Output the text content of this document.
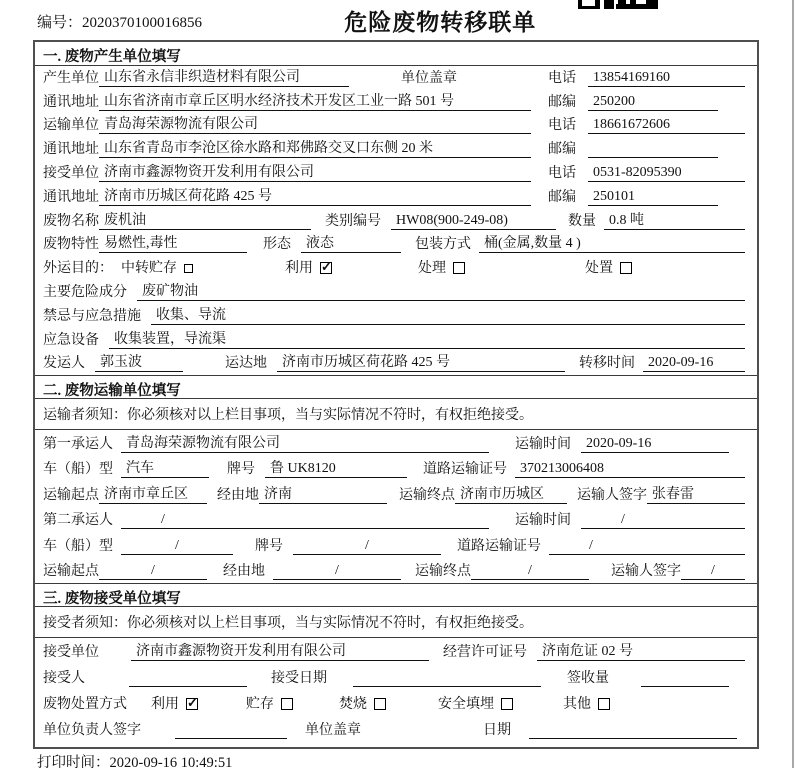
编号：2020370100016856	危险废物转移联单
一. 废物产生单位填写
产生单位 山东省永信非织造材料有限公司	单位盖章	电话	13854169160
通讯地址 山东省济南市章丘区明水经济技术开发区工业一路 501 号	邮编	250200
运输单位 青岛海荣源物流有限公司	电话	18661672606
通讯地址 山东省青岛市李沧区徐水路和郑佛路交叉口东侧 20 米	邮编
接受单位 济南市鑫源物资开发利用有限公司	电话	0531-82095390
通讯地址 济南市历城区荷花路 425 号	邮编	250101
废物名称 废机油	类别编号	HW08(900-249-08)	数量 0.8 吨
废物特性 易燃性,毒性	形态	液态	包装方式 桶(金属,数量 4 )
外运目的： 中转贮存	利用 ✓	处理	处置
主要危险成分	废矿物油
禁忌与应急措施	收集、导流
应急设备	收集装置，导流渠
发运人	郭玉波	运达地	济南市历城区荷花路 425 号	转移时间 2020-09-16
二. 废物运输单位填写
运输者须知：你必须核对以上栏目事项，当与实际情况不符时，有权拒绝接受。
第一承运人 青岛海荣源物流有限公司	运输时间	2020-09-16
车（船）型 汽车	牌号	鲁 UK8120	道路运输证号 370213006408
运输起点 济南市章丘区	经由地 济南	运输终点 济南市历城区	运输人签字 张春雷
第二承运人	/	运输时间	/
车（船）型	/	牌号	/	道路运输证号	/
运输起点	/	经由地	/	运输终点	/	运输人签字	/
三. 废物接受单位填写
接受者须知：你必须核对以上栏目事项，当与实际情况不符时，有权拒绝接受。
接受单位	济南市鑫源物资开发利用有限公司	经营许可证号	济南危证 02 号
接受人	接受日期	签收量
废物处置方式 利用 ✓	贮存	焚烧	安全填埋	其他
单位负责人签字	单位盖章	日期
打印时间：2020-09-16 10:49:51
